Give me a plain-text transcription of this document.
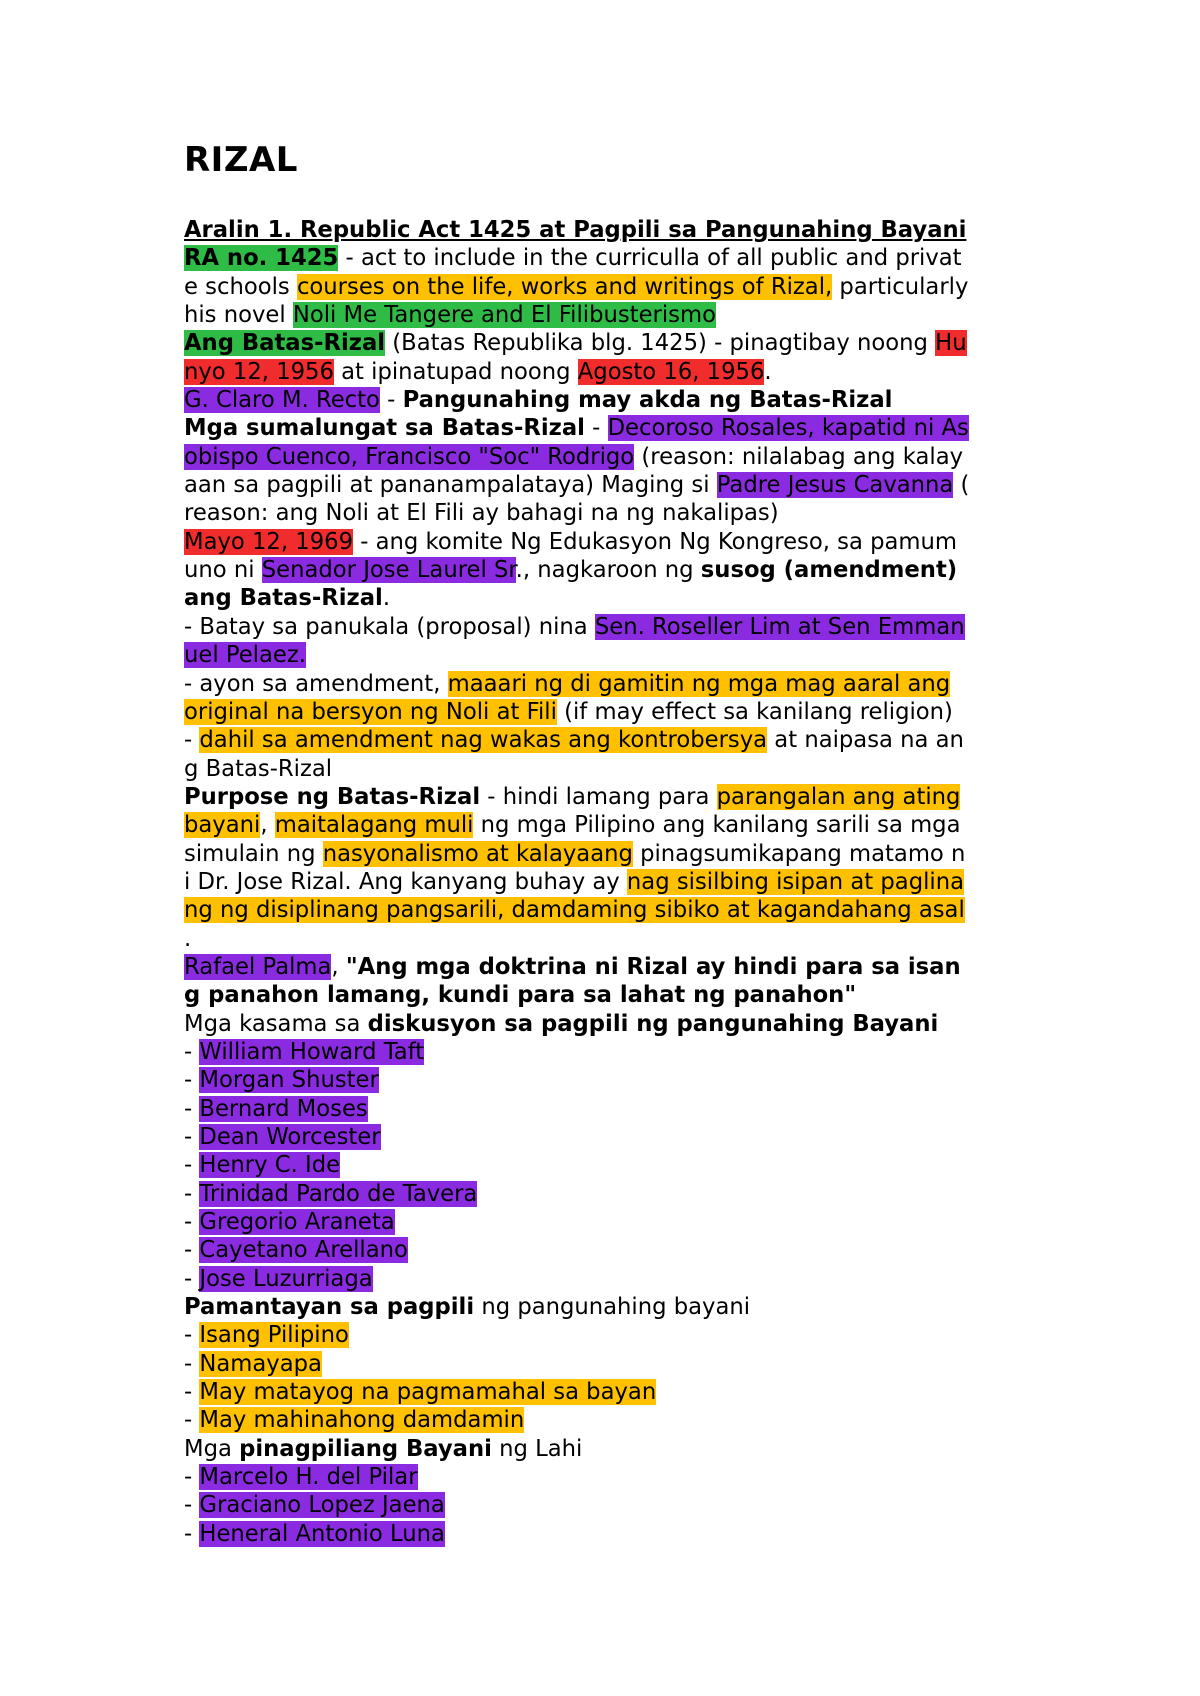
RIZAL
Aralin 1. Republic Act 1425 at Pagpili sa Pangunahing Bayani
RA no. 1425 - act to include in the curriculla of all public and privat
e schools courses on the life, works and writings of Rizal, particularly
his novel Noli Me Tangere and El Filibusterismo
Ang Batas-Rizal (Batas Republika blg. 1425) - pinagtibay noong Hu
nyo 12, 1956 at ipinatupad noong Agosto 16, 1956.
G. Claro M. Recto - Pangunahing may akda ng Batas-Rizal
Mga sumalungat sa Batas-Rizal - Decoroso Rosales, kapatid ni As
obispo Cuenco, Francisco "Soc" Rodrigo (reason: nilalabag ang kalay
aan sa pagpili at pananampalataya) Maging si Padre Jesus Cavanna (
reason: ang Noli at El Fili ay bahagi na ng nakalipas)
Mayo 12, 1969 - ang komite Ng Edukasyon Ng Kongreso, sa pamum
uno ni Senador Jose Laurel Sr., nagkaroon ng susog (amendment)
ang Batas-Rizal.
- Batay sa panukala (proposal) nina Sen. Roseller Lim at Sen Emman
uel Pelaez.
- ayon sa amendment, maaari ng di gamitin ng mga mag aaral ang
original na bersyon ng Noli at Fili (if may effect sa kanilang religion)
- dahil sa amendment nag wakas ang kontrobersya at naipasa na an
g Batas-Rizal
Purpose ng Batas-Rizal - hindi lamang para parangalan ang ating
bayani, maitalagang muli ng mga Pilipino ang kanilang sarili sa mga
simulain ng nasyonalismo at kalayaang pinagsumikapang matamo n
i Dr. Jose Rizal. Ang kanyang buhay ay nag sisilbing isipan at paglina
ng ng disiplinang pangsarili, damdaming sibiko at kagandahang asal
.
Rafael Palma, "Ang mga doktrina ni Rizal ay hindi para sa isan
g panahon lamang, kundi para sa lahat ng panahon"
Mga kasama sa diskusyon sa pagpili ng pangunahing Bayani
- William Howard Taft
- Morgan Shuster
- Bernard Moses
- Dean Worcester
- Henry C. Ide
- Trinidad Pardo de Tavera
- Gregorio Araneta
- Cayetano Arellano
- Jose Luzurriaga
Pamantayan sa pagpili ng pangunahing bayani
- Isang Pilipino
- Namayapa
- May matayog na pagmamahal sa bayan
- May mahinahong damdamin
Mga pinagpiliang Bayani ng Lahi
- Marcelo H. del Pilar
- Graciano Lopez Jaena
- Heneral Antonio Luna
